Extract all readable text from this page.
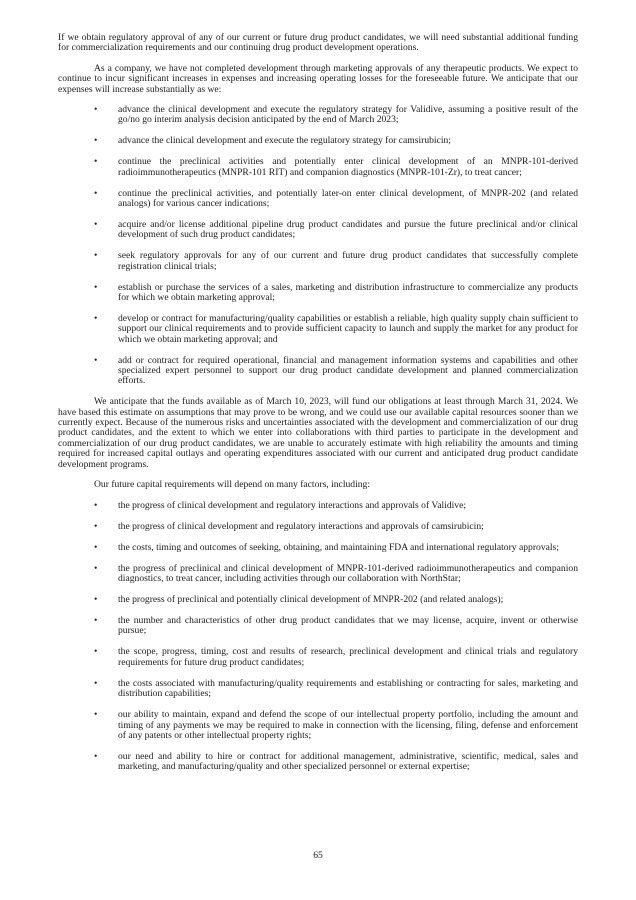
If we obtain regulatory approval of any of our current or future drug product candidates, we will need substantial additional funding for commercialization requirements and our continuing drug product development operations.

As a company, we have not completed development through marketing approvals of any therapeutic products. We expect to continue to incur significant increases in expenses and increasing operating losses for the foreseeable future. We anticipate that our expenses will increase substantially as we:

• advance the clinical development and execute the regulatory strategy for Validive, assuming a positive result of the go/no go interim analysis decision anticipated by the end of March 2023;
• advance the clinical development and execute the regulatory strategy for camsirubicin;
• continue the preclinical activities and potentially enter clinical development of an MNPR-101-derived radioimmunotherapeutics (MNPR-101 RIT) and companion diagnostics (MNPR-101-Zr), to treat cancer;
• continue the preclinical activities, and potentially later-on enter clinical development, of MNPR-202 (and related analogs) for various cancer indications;
• acquire and/or license additional pipeline drug product candidates and pursue the future preclinical and/or clinical development of such drug product candidates;
• seek regulatory approvals for any of our current and future drug product candidates that successfully complete registration clinical trials;
• establish or purchase the services of a sales, marketing and distribution infrastructure to commercialize any products for which we obtain marketing approval;
• develop or contract for manufacturing/quality capabilities or establish a reliable, high quality supply chain sufficient to support our clinical requirements and to provide sufficient capacity to launch and supply the market for any product for which we obtain marketing approval; and
• add or contract for required operational, financial and management information systems and capabilities and other specialized expert personnel to support our drug product candidate development and planned commercialization efforts.

We anticipate that the funds available as of March 10, 2023, will fund our obligations at least through March 31, 2024. We have based this estimate on assumptions that may prove to be wrong, and we could use our available capital resources sooner than we currently expect. Because of the numerous risks and uncertainties associated with the development and commercialization of our drug product candidates, and the extent to which we enter into collaborations with third parties to participate in the development and commercialization of our drug product candidates, we are unable to accurately estimate with high reliability the amounts and timing required for increased capital outlays and operating expenditures associated with our current and anticipated drug product candidate development programs.

Our future capital requirements will depend on many factors, including:

• the progress of clinical development and regulatory interactions and approvals of Validive;
• the progress of clinical development and regulatory interactions and approvals of camsirubicin;
• the costs, timing and outcomes of seeking, obtaining, and maintaining FDA and international regulatory approvals;
• the progress of preclinical and clinical development of MNPR-101-derived radioimmunotherapeutics and companion diagnostics, to treat cancer, including activities through our collaboration with NorthStar;
• the progress of preclinical and potentially clinical development of MNPR-202 (and related analogs);
• the number and characteristics of other drug product candidates that we may license, acquire, invent or otherwise pursue;
• the scope, progress, timing, cost and results of research, preclinical development and clinical trials and regulatory requirements for future drug product candidates;
• the costs associated with manufacturing/quality requirements and establishing or contracting for sales, marketing and distribution capabilities;
• our ability to maintain, expand and defend the scope of our intellectual property portfolio, including the amount and timing of any payments we may be required to make in connection with the licensing, filing, defense and enforcement of any patents or other intellectual property rights;
• our need and ability to hire or contract for additional management, administrative, scientific, medical, sales and marketing, and manufacturing/quality and other specialized personnel or external expertise;
65
